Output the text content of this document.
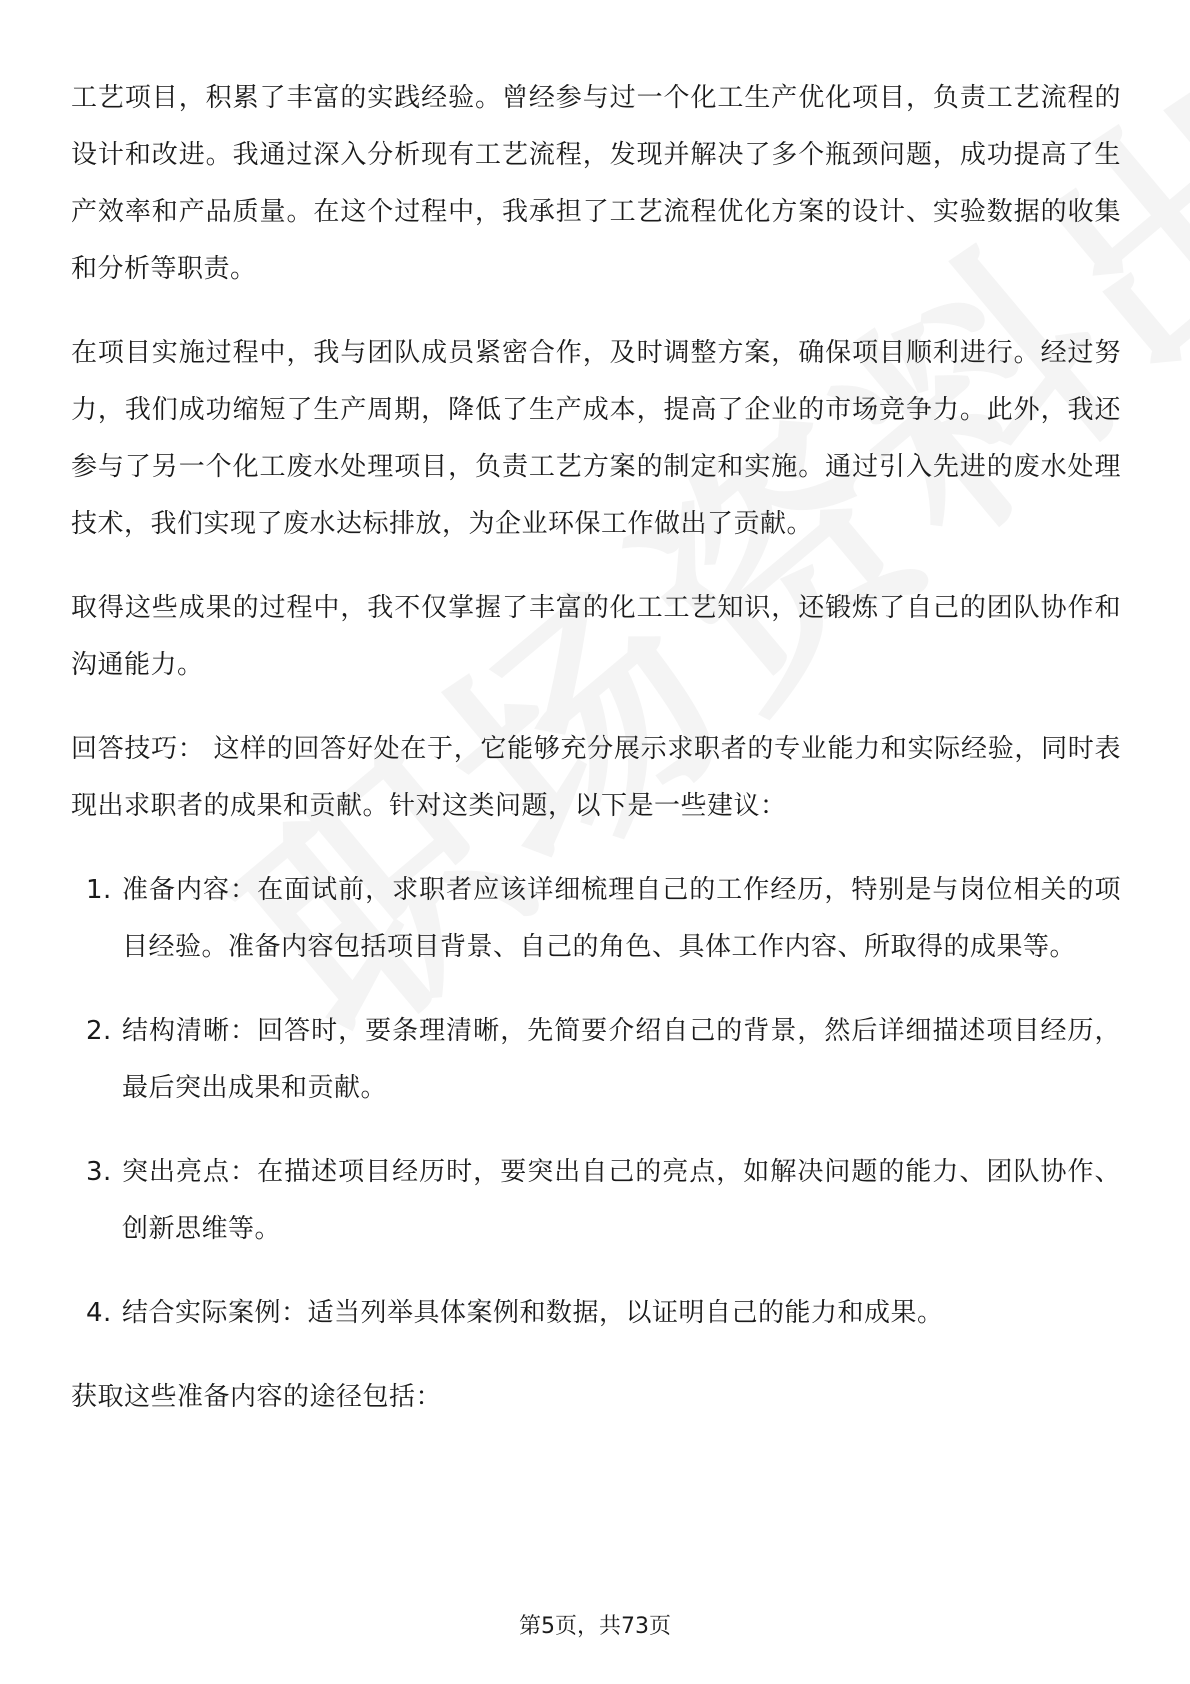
工艺项目，积累了丰富的实践经验。曾经参与过一个化工生产优化项目，负责工艺流程的设计和改进。我通过深入分析现有工艺流程，发现并解决了多个瓶颈问题，成功提高了生产效率和产品质量。在这个过程中，我承担了工艺流程优化方案的设计、实验数据的收集和分析等职责。

在项目实施过程中，我与团队成员紧密合作，及时调整方案，确保项目顺利进行。经过努力，我们成功缩短了生产周期，降低了生产成本，提高了企业的市场竞争力。此外，我还参与了另一个化工废水处理项目，负责工艺方案的制定和实施。通过引入先进的废水处理技术，我们实现了废水达标排放，为企业环保工作做出了贡献。

取得这些成果的过程中，我不仅掌握了丰富的化工工艺知识，还锻炼了自己的团队协作和沟通能力。

回答技巧： 这样的回答好处在于，它能够充分展示求职者的专业能力和实际经验，同时表现出求职者的成果和贡献。针对这类问题，以下是一些建议：

1. 准备内容：在面试前，求职者应该详细梳理自己的工作经历，特别是与岗位相关的项目经验。准备内容包括项目背景、自己的角色、具体工作内容、所取得的成果等。
2. 结构清晰：回答时，要条理清晰，先简要介绍自己的背景，然后详细描述项目经历，最后突出成果和贡献。
3. 突出亮点：在描述项目经历时，要突出自己的亮点，如解决问题的能力、团队协作、创新思维等。
4. 结合实际案例：适当列举具体案例和数据，以证明自己的能力和成果。

获取这些准备内容的途径包括：

第5页，共73页
